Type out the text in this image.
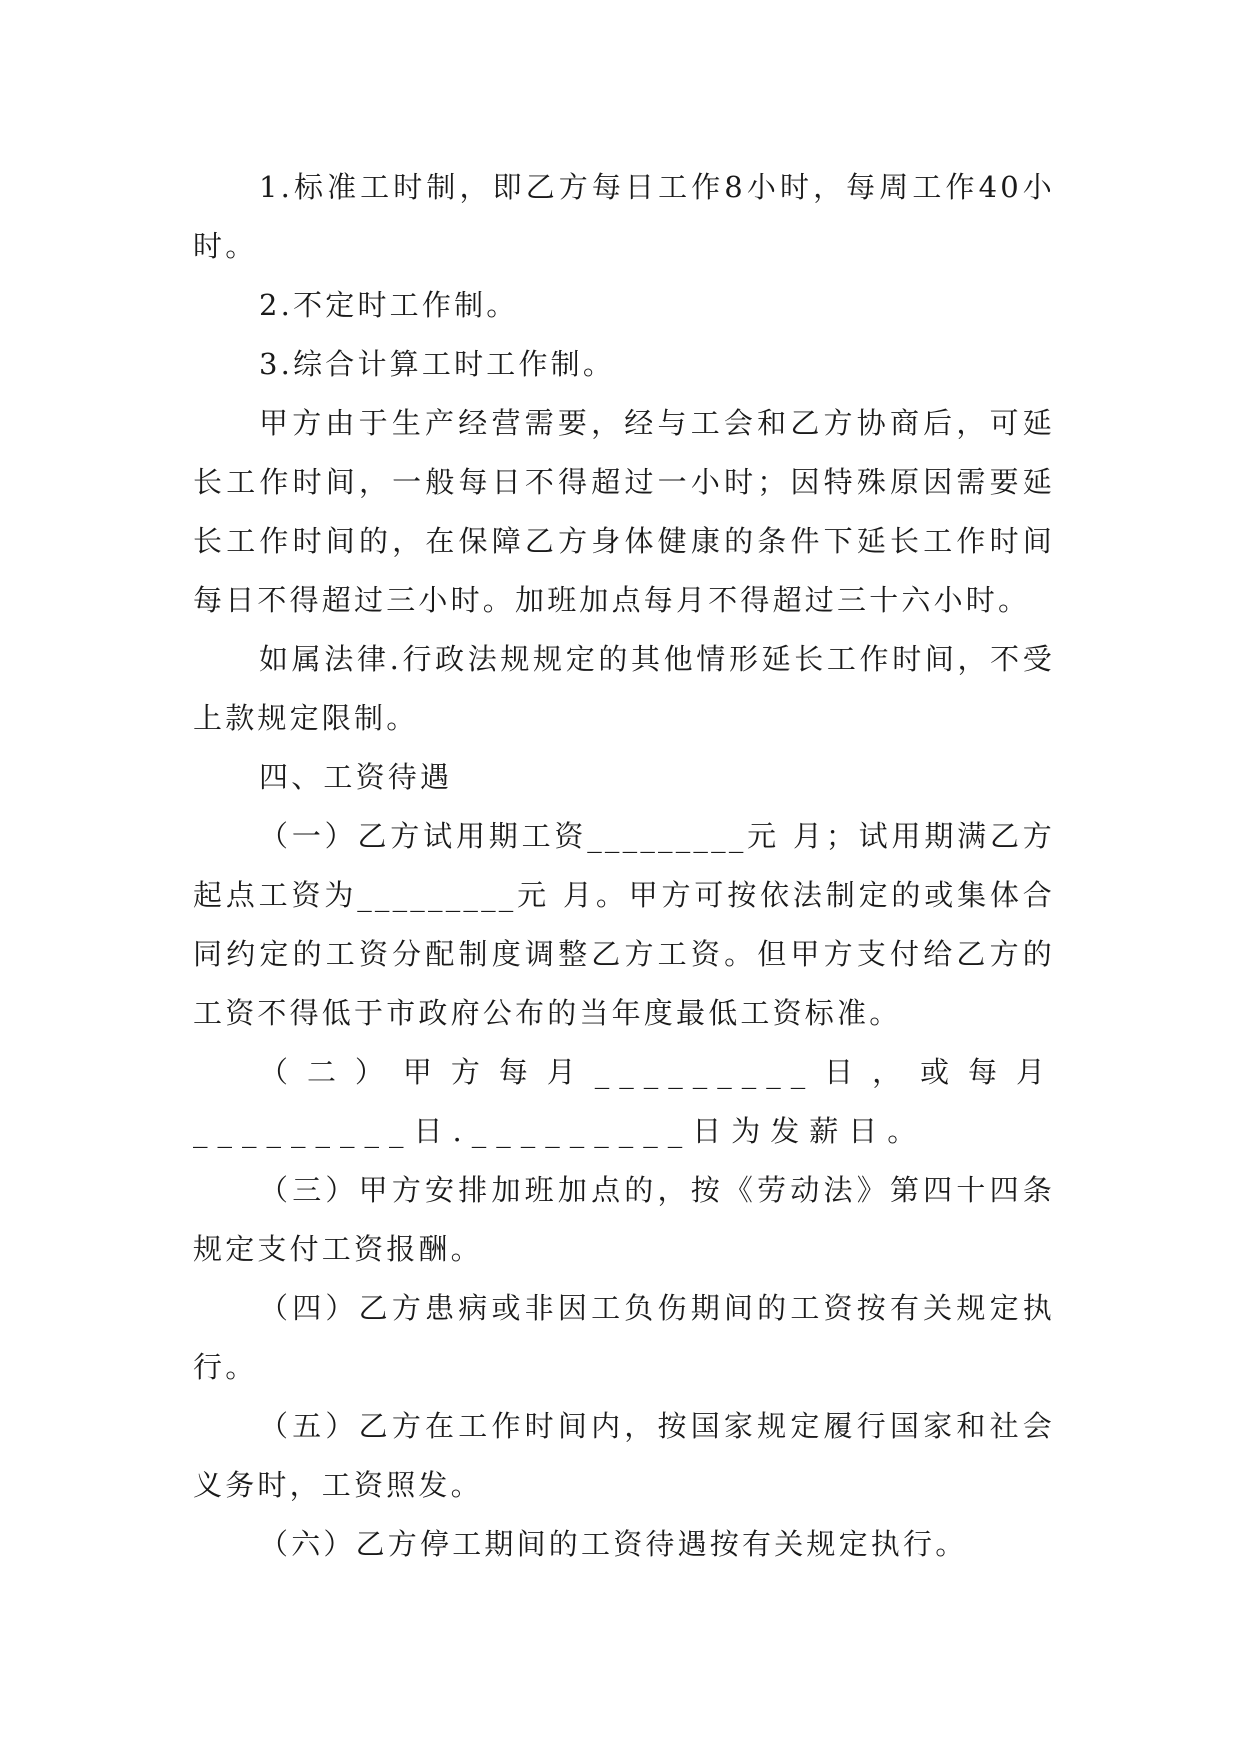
1.标准工时制，即乙方每日工作8小时，每周工作40小时。

2.不定时工作制。

3.综合计算工时工作制。

甲方由于生产经营需要，经与工会和乙方协商后，可延长工作时间，一般每日不得超过一小时；因特殊原因需要延长工作时间的，在保障乙方身体健康的条件下延长工作时间每日不得超过三小时。加班加点每月不得超过三十六小时。

如属法律.行政法规规定的其他情形延长工作时间，不受上款规定限制。

四、工资待遇

（一）乙方试用期工资_________元 月；试用期满乙方起点工资为_________元 月。甲方可按依法制定的或集体合同约定的工资分配制度调整乙方工资。但甲方支付给乙方的工资不得低于市政府公布的当年度最低工资标准。

（二）甲方每月_________日，或每月_________日._________日为发薪日。

（三）甲方安排加班加点的，按《劳动法》第四十四条规定支付工资报酬。

（四）乙方患病或非因工负伤期间的工资按有关规定执行。

（五）乙方在工作时间内，按国家规定履行国家和社会义务时，工资照发。

（六）乙方停工期间的工资待遇按有关规定执行。
